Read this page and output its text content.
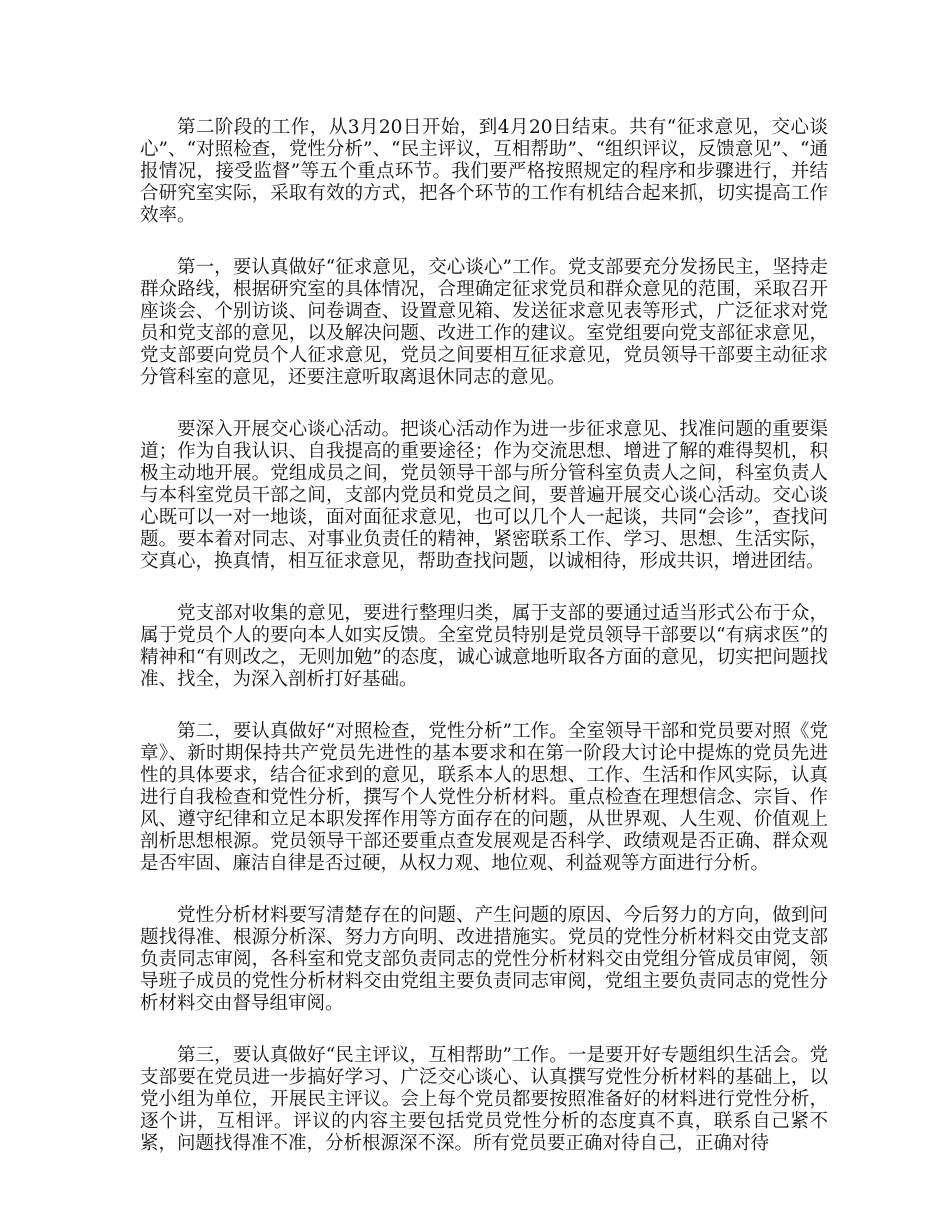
第二阶段的工作，从3月20日开始，到4月20日结束。共有“征求意见，交心谈心”、“对照检查，党性分析”、“民主评议，互相帮助”、“组织评议，反馈意见”、“通报情况，接受监督”等五个重点环节。我们要严格按照规定的程序和步骤进行，并结合研究室实际，采取有效的方式，把各个环节的工作有机结合起来抓，切实提高工作效率。

第一，要认真做好“征求意见，交心谈心”工作。党支部要充分发扬民主，坚持走群众路线，根据研究室的具体情况，合理确定征求党员和群众意见的范围，采取召开座谈会、个别访谈、问卷调查、设置意见箱、发送征求意见表等形式，广泛征求对党员和党支部的意见，以及解决问题、改进工作的建议。室党组要向党支部征求意见，党支部要向党员个人征求意见，党员之间要相互征求意见，党员领导干部要主动征求分管科室的意见，还要注意听取离退休同志的意见。

要深入开展交心谈心活动。把谈心活动作为进一步征求意见、找准问题的重要渠道；作为自我认识、自我提高的重要途径；作为交流思想、增进了解的难得契机，积极主动地开展。党组成员之间，党员领导干部与所分管科室负责人之间，科室负责人与本科室党员干部之间，支部内党员和党员之间，要普遍开展交心谈心活动。交心谈心既可以一对一地谈，面对面征求意见，也可以几个人一起谈，共同“会诊”，查找问题。要本着对同志、对事业负责任的精神，紧密联系工作、学习、思想、生活实际，交真心，换真情，相互征求意见，帮助查找问题，以诚相待，形成共识，增进团结。

党支部对收集的意见，要进行整理归类，属于支部的要通过适当形式公布于众，属于党员个人的要向本人如实反馈。全室党员特别是党员领导干部要以“有病求医”的精神和“有则改之，无则加勉”的态度，诚心诚意地听取各方面的意见，切实把问题找准、找全，为深入剖析打好基础。

第二，要认真做好“对照检查，党性分析”工作。全室领导干部和党员要对照《党章》、新时期保持共产党员先进性的基本要求和在第一阶段大讨论中提炼的党员先进性的具体要求，结合征求到的意见，联系本人的思想、工作、生活和作风实际，认真进行自我检查和党性分析，撰写个人党性分析材料。重点检查在理想信念、宗旨、作风、遵守纪律和立足本职发挥作用等方面存在的问题，从世界观、人生观、价值观上剖析思想根源。党员领导干部还要重点查发展观是否科学、政绩观是否正确、群众观是否牢固、廉洁自律是否过硬，从权力观、地位观、利益观等方面进行分析。

党性分析材料要写清楚存在的问题、产生问题的原因、今后努力的方向，做到问题找得准、根源分析深、努力方向明、改进措施实。党员的党性分析材料交由党支部负责同志审阅，各科室和党支部负责同志的党性分析材料交由党组分管成员审阅，领导班子成员的党性分析材料交由党组主要负责同志审阅，党组主要负责同志的党性分析材料交由督导组审阅。

第三，要认真做好“民主评议，互相帮助”工作。一是要开好专题组织生活会。党支部要在党员进一步搞好学习、广泛交心谈心、认真撰写党性分析材料的基础上，以党小组为单位，开展民主评议。会上每个党员都要按照准备好的材料进行党性分析，逐个讲，互相评。评议的内容主要包括党员党性分析的态度真不真，联系自己紧不紧，问题找得准不准，分析根源深不深。所有党员要正确对待自己，正确对待
